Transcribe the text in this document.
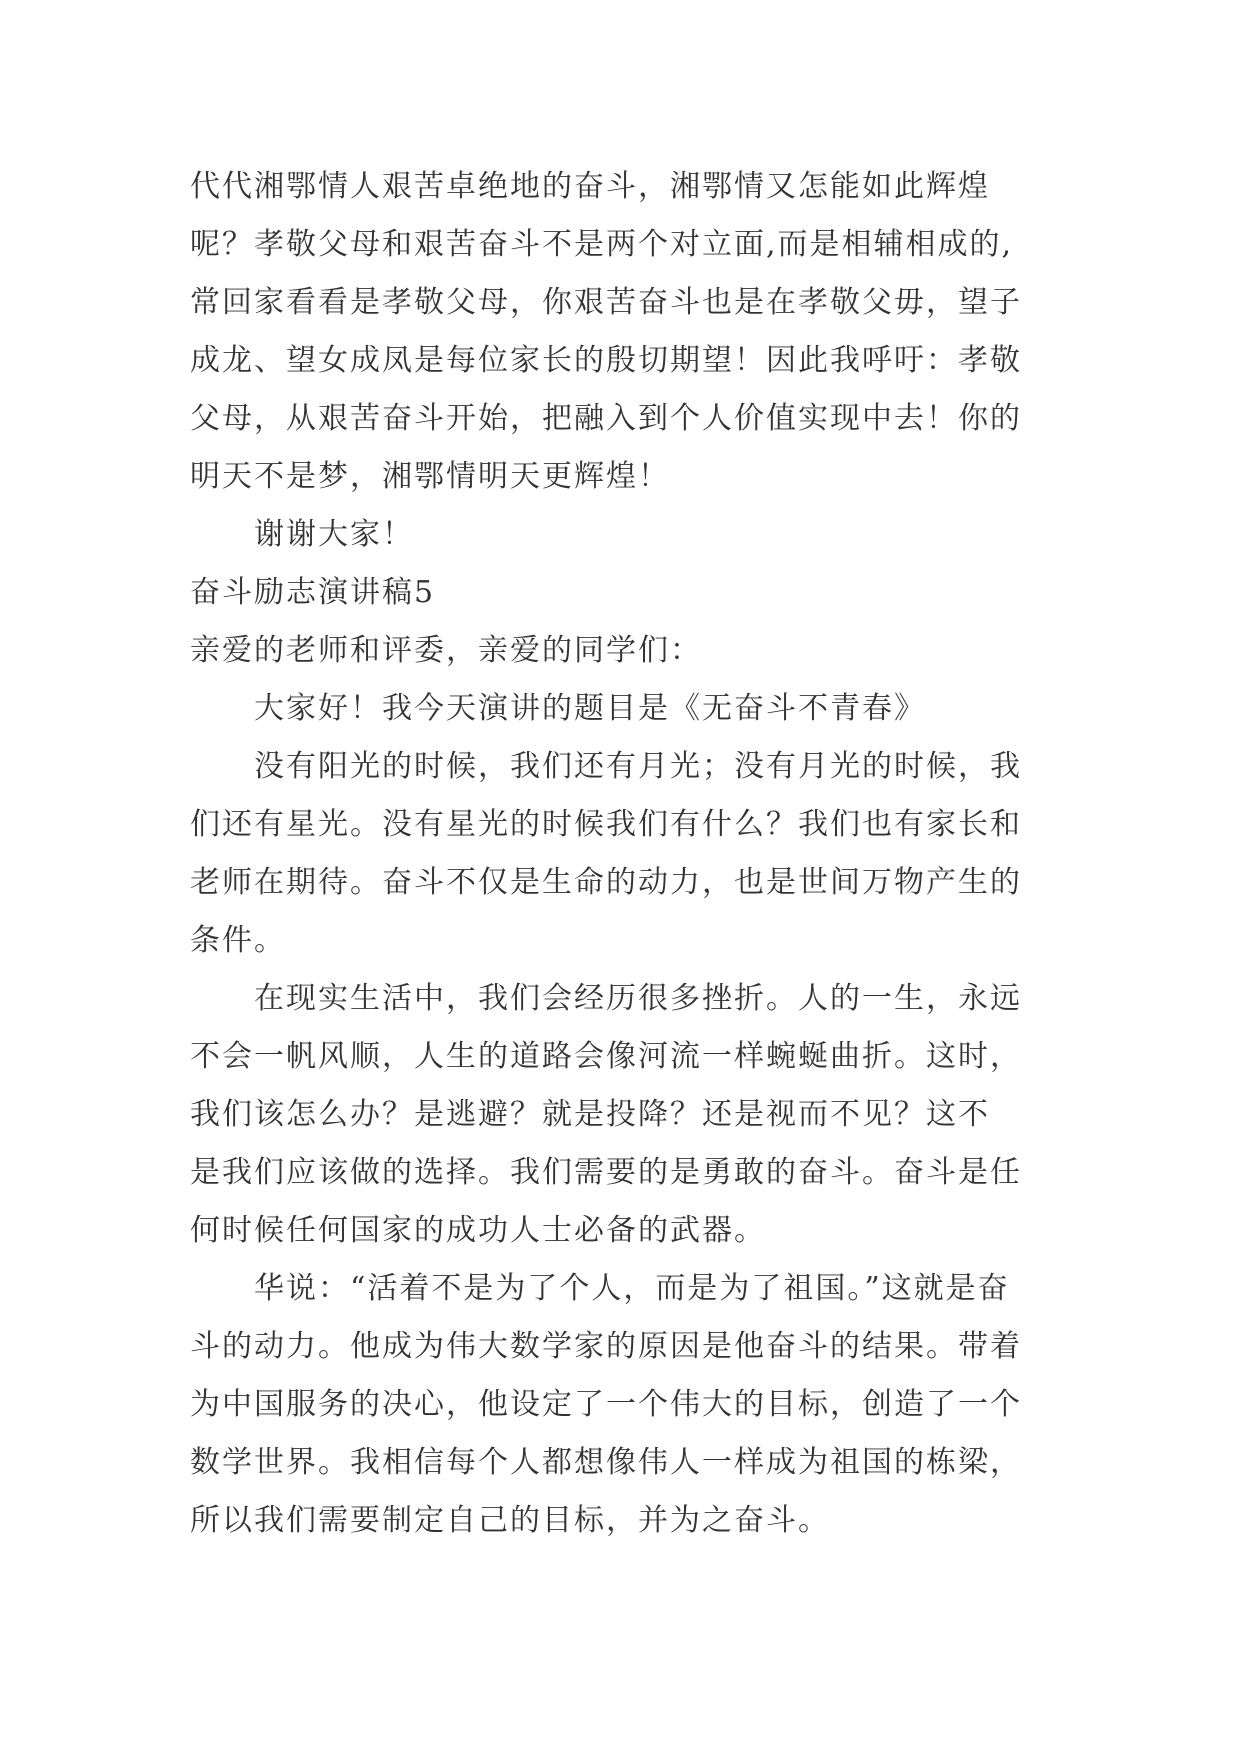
代代湘鄂情人艰苦卓绝地的奋斗，湘鄂情又怎能如此辉煌
呢？孝敬父母和艰苦奋斗不是两个对立面,而是相辅相成的,
常回家看看是孝敬父母，你艰苦奋斗也是在孝敬父毋，望子
成龙、望女成凤是每位家长的殷切期望！因此我呼吁：孝敬
父母，从艰苦奋斗开始，把融入到个人价值实现中去！你的
明天不是梦，湘鄂情明天更辉煌！
谢谢大家！
奋斗励志演讲稿5
亲爱的老师和评委，亲爱的同学们：
大家好！我今天演讲的题目是《无奋斗不青春》
没有阳光的时候，我们还有月光；没有月光的时候，我
们还有星光。没有星光的时候我们有什么？我们也有家长和
老师在期待。奋斗不仅是生命的动力，也是世间万物产生的
条件。
在现实生活中，我们会经历很多挫折。人的一生，永远
不会一帆风顺，人生的道路会像河流一样蜿蜒曲折。这时，
我们该怎么办？是逃避？就是投降？还是视而不见？这不
是我们应该做的选择。我们需要的是勇敢的奋斗。奋斗是任
何时候任何国家的成功人士必备的武器。
华说：“活着不是为了个人，而是为了祖国。”这就是奋
斗的动力。他成为伟大数学家的原因是他奋斗的结果。带着
为中国服务的决心，他设定了一个伟大的目标，创造了一个
数学世界。我相信每个人都想像伟人一样成为祖国的栋梁，
所以我们需要制定自己的目标，并为之奋斗。
